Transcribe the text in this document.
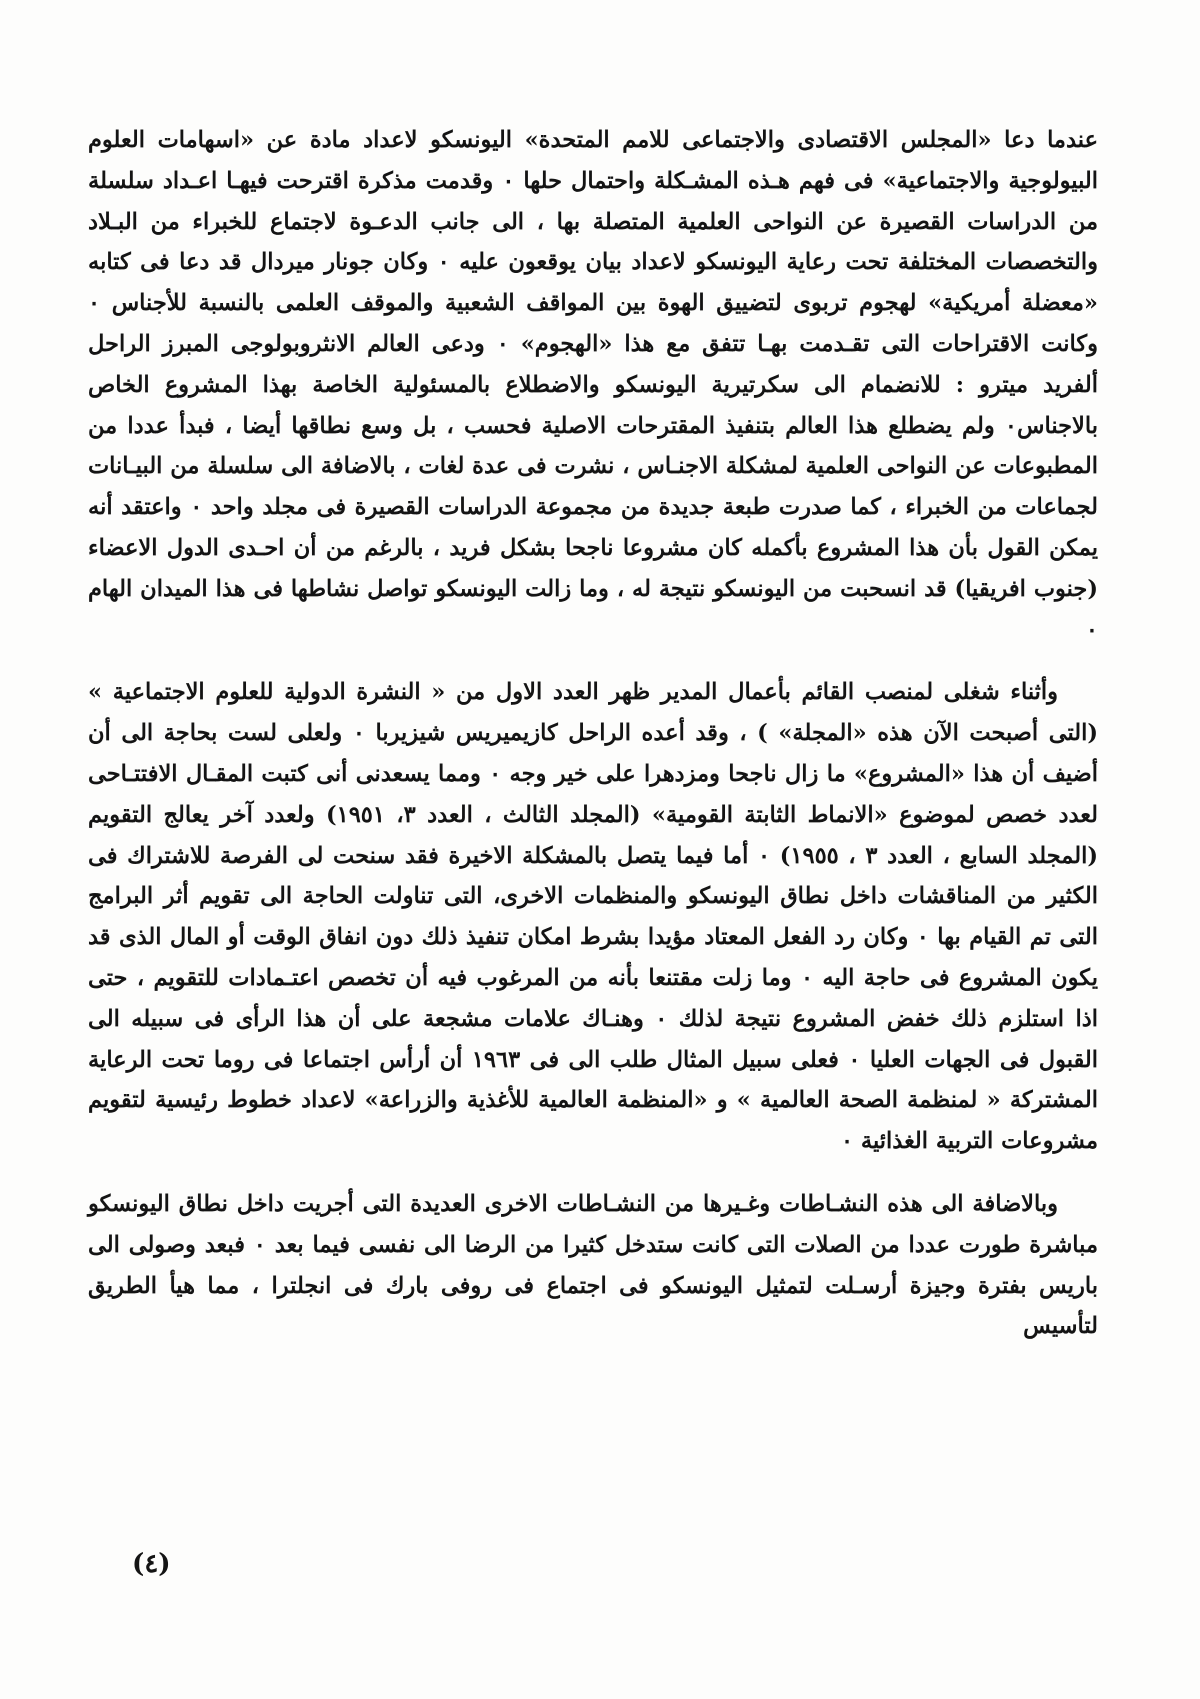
عندما دعا «المجلس الاقتصادى والاجتماعى للامم المتحدة» اليونسكو لاعداد مادة عن «اسهامات العلوم البيولوجية والاجتماعية» فى فهم هـذه المشـكلة واحتمال حلها ٠ وقدمت مذكرة اقترحت فيهـا اعـداد سلسلة من الدراسات القصيرة عن النواحى العلمية المتصلة بها ، الى جانب الدعـوة لاجتماع للخبراء من البـلاد والتخصصات المختلفة تحت رعاية اليونسكو لاعداد بيان يوقعون عليه ٠ وكان جونار ميردال قد دعا فى كتابه «معضلة أمريكية» لهجوم تربوى لتضييق الهوة بين المواقف الشعبية والموقف العلمى بالنسبة للأجناس ٠ وكانت الاقتراحات التى تقـدمت بهـا تتفق مع هذا «الهجوم» ٠ ودعى العالم الانثروبولوجى المبرز الراحل ألفريد ميترو : للانضمام الى سكرتيرية اليونسكو والاضطلاع بالمسئولية الخاصة بهذا المشروع الخاص بالاجناس٠ ولم يضطلع هذا العالم بتنفيذ المقترحات الاصلية فحسب ، بل وسع نطاقها أيضا ، فبدأ عددا من المطبوعات عن النواحى العلمية لمشكلة الاجنـاس ، نشرت فى عدة لغات ، بالاضافة الى سلسلة من البيـانات لجماعات من الخبراء ، كما صدرت طبعة جديدة من مجموعة الدراسات القصيرة فى مجلد واحد ٠ واعتقد أنه يمكن القول بأن هذا المشروع بأكمله كان مشروعا ناجحا بشكل فريد ، بالرغم من أن احـدى الدول الاعضاء (جنوب افريقيا) قد انسحبت من اليونسكو نتيجة له ، وما زالت اليونسكو تواصل نشاطها فى هذا الميدان الهام ٠

وأثناء شغلى لمنصب القائم بأعمال المدير ظهر العدد الاول من « النشرة الدولية للعلوم الاجتماعية » (التى أصبحت الآن هذه «المجلة» ) ، وقد أعده الراحل كازيميريس شيزيربا ٠ ولعلى لست بحاجة الى أن أضيف أن هذا «المشروع» ما زال ناجحا ومزدهرا على خير وجه ٠ ومما يسعدنى أنى كتبت المقـال الافتتـاحى لعدد خصص لموضوع «الانماط الثابتة القومية» (المجلد الثالث ، العدد ٣، ١٩٥١) ولعدد آخر يعالج التقويم (المجلد السابع ، العدد ٣ ، ١٩٥٥) ٠ أما فيما يتصل بالمشكلة الاخيرة فقد سنحت لى الفرصة للاشتراك فى الكثير من المناقشات داخل نطاق اليونسكو والمنظمات الاخرى، التى تناولت الحاجة الى تقويم أثر البرامج التى تم القيام بها ٠ وكان رد الفعل المعتاد مؤيدا بشرط امكان تنفيذ ذلك دون انفاق الوقت أو المال الذى قد يكون المشروع فى حاجة اليه ٠ وما زلت مقتنعا بأنه من المرغوب فيه أن تخصص اعتـمادات للتقويم ، حتى اذا استلزم ذلك خفض المشروع نتيجة لذلك ٠ وهنـاك علامات مشجعة على أن هذا الرأى فى سبيله الى القبول فى الجهات العليا ٠ فعلى سبيل المثال طلب الى فى ١٩٦٣ أن أرأس اجتماعا فى روما تحت الرعاية المشتركة « لمنظمة الصحة العالمية » و «المنظمة العالمية للأغذية والزراعة» لاعداد خطوط رئيسية لتقويم مشروعات التربية الغذائية ٠

وبالاضافة الى هذه النشـاطات وغـيرها من النشـاطات الاخرى العديدة التى أجريت داخل نطاق اليونسكو مباشرة طورت عددا من الصلات التى كانت ستدخل كثيرا من الرضا الى نفسى فيما بعد ٠ فبعد وصولى الى باريس بفترة وجيزة أرسـلت لتمثيل اليونسكو فى اجتماع فى روفى بارك فى انجلترا ، مما هيأ الطريق لتأسيس

(٤)
